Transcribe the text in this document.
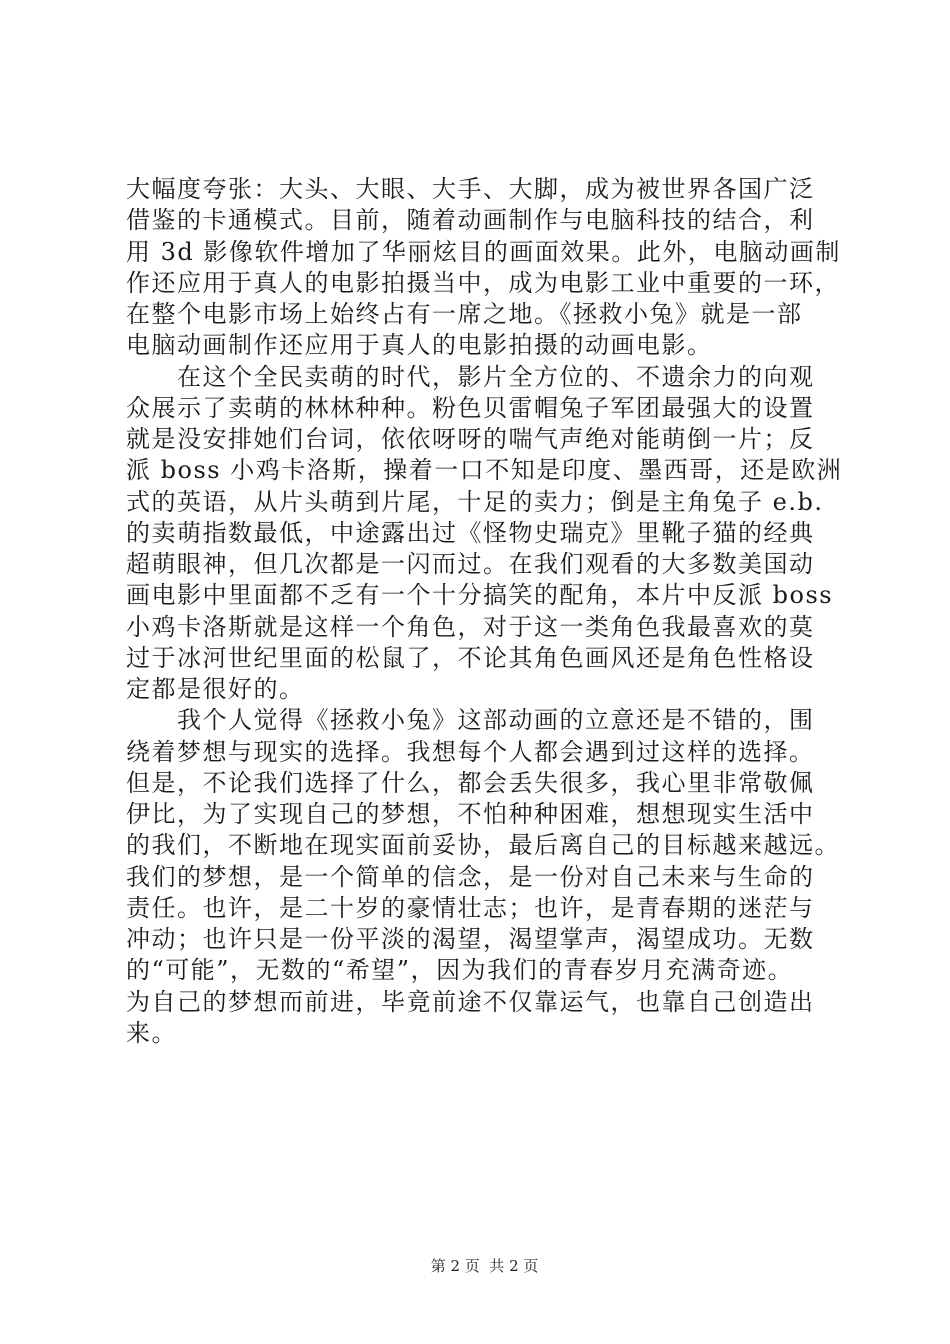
大幅度夸张：大头、大眼、大手、大脚，成为被世界各国广泛
借鉴的卡通模式。目前，随着动画制作与电脑科技的结合，利
用 3d 影像软件增加了华丽炫目的画面效果。此外，电脑动画制
作还应用于真人的电影拍摄当中，成为电影工业中重要的一环，
在整个电影市场上始终占有一席之地。《拯救小兔》就是一部
电脑动画制作还应用于真人的电影拍摄的动画电影。
　　在这个全民卖萌的时代，影片全方位的、不遗余力的向观
众展示了卖萌的林林种种。粉色贝雷帽兔子军团最强大的设置
就是没安排她们台词，依依呀呀的喘气声绝对能萌倒一片；反
派 boss 小鸡卡洛斯，操着一口不知是印度、墨西哥，还是欧洲
式的英语，从片头萌到片尾，十足的卖力；倒是主角兔子 e.b.
的卖萌指数最低，中途露出过《怪物史瑞克》里靴子猫的经典
超萌眼神，但几次都是一闪而过。在我们观看的大多数美国动
画电影中里面都不乏有一个十分搞笑的配角，本片中反派 boss
小鸡卡洛斯就是这样一个角色，对于这一类角色我最喜欢的莫
过于冰河世纪里面的松鼠了，不论其角色画风还是角色性格设
定都是很好的。
　　我个人觉得《拯救小兔》这部动画的立意还是不错的，围
绕着梦想与现实的选择。我想每个人都会遇到过这样的选择。
但是，不论我们选择了什么，都会丢失很多，我心里非常敬佩
伊比，为了实现自己的梦想，不怕种种困难，想想现实生活中
的我们，不断地在现实面前妥协，最后离自己的目标越来越远。
我们的梦想，是一个简单的信念，是一份对自己未来与生命的
责任。也许，是二十岁的豪情壮志；也许，是青春期的迷茫与
冲动；也许只是一份平淡的渴望，渴望掌声，渴望成功。无数
的“可能”，无数的“希望”，因为我们的青春岁月充满奇迹。
为自己的梦想而前进，毕竟前途不仅靠运气，也靠自己创造出
来。

第 2 页  共 2 页
